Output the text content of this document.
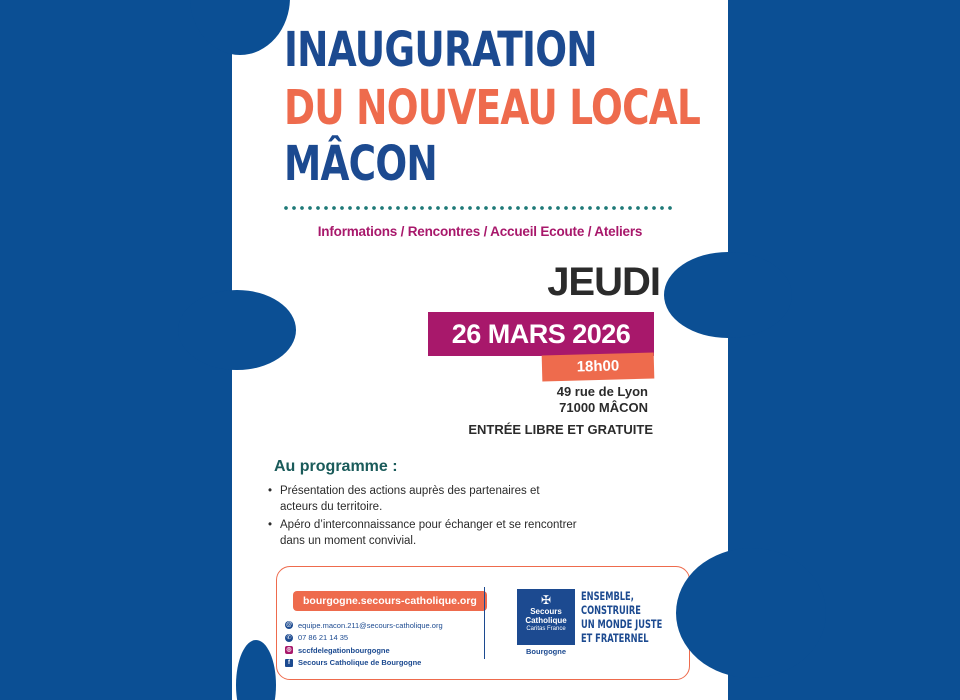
INAUGURATION
DU NOUVEAU LOCAL
MÂCON
Informations / Rencontres / Accueil Ecoute / Ateliers
JEUDI
26 MARS 2026
18h00
49 rue de Lyon
71000 MÂCON
ENTRÉE LIBRE ET GRATUITE
Au programme :
• Présentation des actions auprès des partenaires et acteurs du territoire.
• Apéro d’interconnaissance pour échanger et se rencontrer dans un moment convivial.
bourgogne.secours-catholique.org
@ equipe.macon.211@secours-catholique.org
✆ 07 86 21 14 35
◎ sccfdelegationbourgogne
f	Secours Catholique de Bourgogne
✠
Secours
Catholique
Caritas France
Bourgogne
ENSEMBLE,
CONSTRUIRE
UN MONDE JUSTE
ET FRATERNEL
